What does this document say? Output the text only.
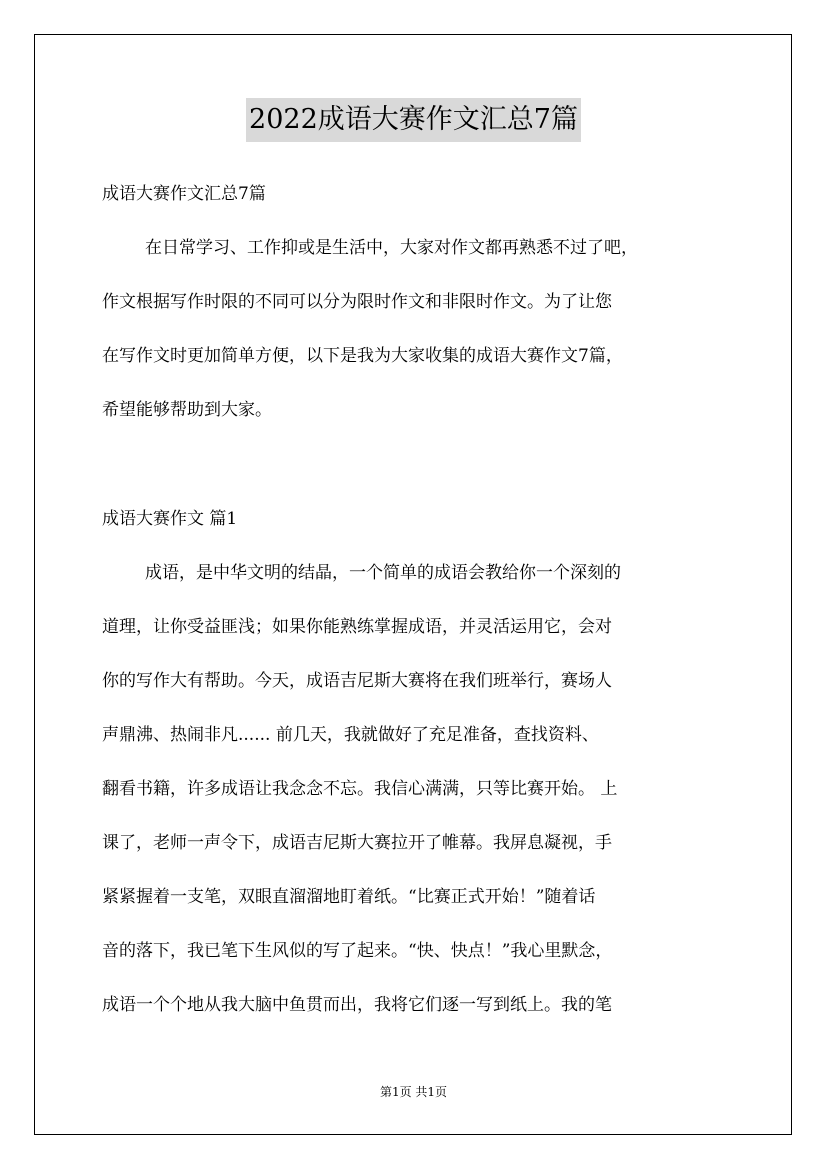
2022成语大赛作文汇总7篇

成语大赛作文汇总7篇

在日常学习、工作抑或是生活中，大家对作文都再熟悉不过了吧，

作文根据写作时限的不同可以分为限时作文和非限时作文。为了让您

在写作文时更加简单方便，以下是我为大家收集的成语大赛作文7篇，

希望能够帮助到大家。

成语大赛作文 篇1

成语，是中华文明的结晶，一个简单的成语会教给你一个深刻的

道理，让你受益匪浅；如果你能熟练掌握成语，并灵活运用它，会对

你的写作大有帮助。今天，成语吉尼斯大赛将在我们班举行，赛场人

声鼎沸、热闹非凡...... 前几天，我就做好了充足准备，查找资料、

翻看书籍，许多成语让我念念不忘。我信心满满，只等比赛开始。 上

课了，老师一声令下，成语吉尼斯大赛拉开了帷幕。我屏息凝视，手

紧紧握着一支笔，双眼直溜溜地盯着纸。“比赛正式开始！”随着话

音的落下，我已笔下生风似的写了起来。“快、快点！”我心里默念，

成语一个个地从我大脑中鱼贯而出，我将它们逐一写到纸上。我的笔

第1页 共1页
